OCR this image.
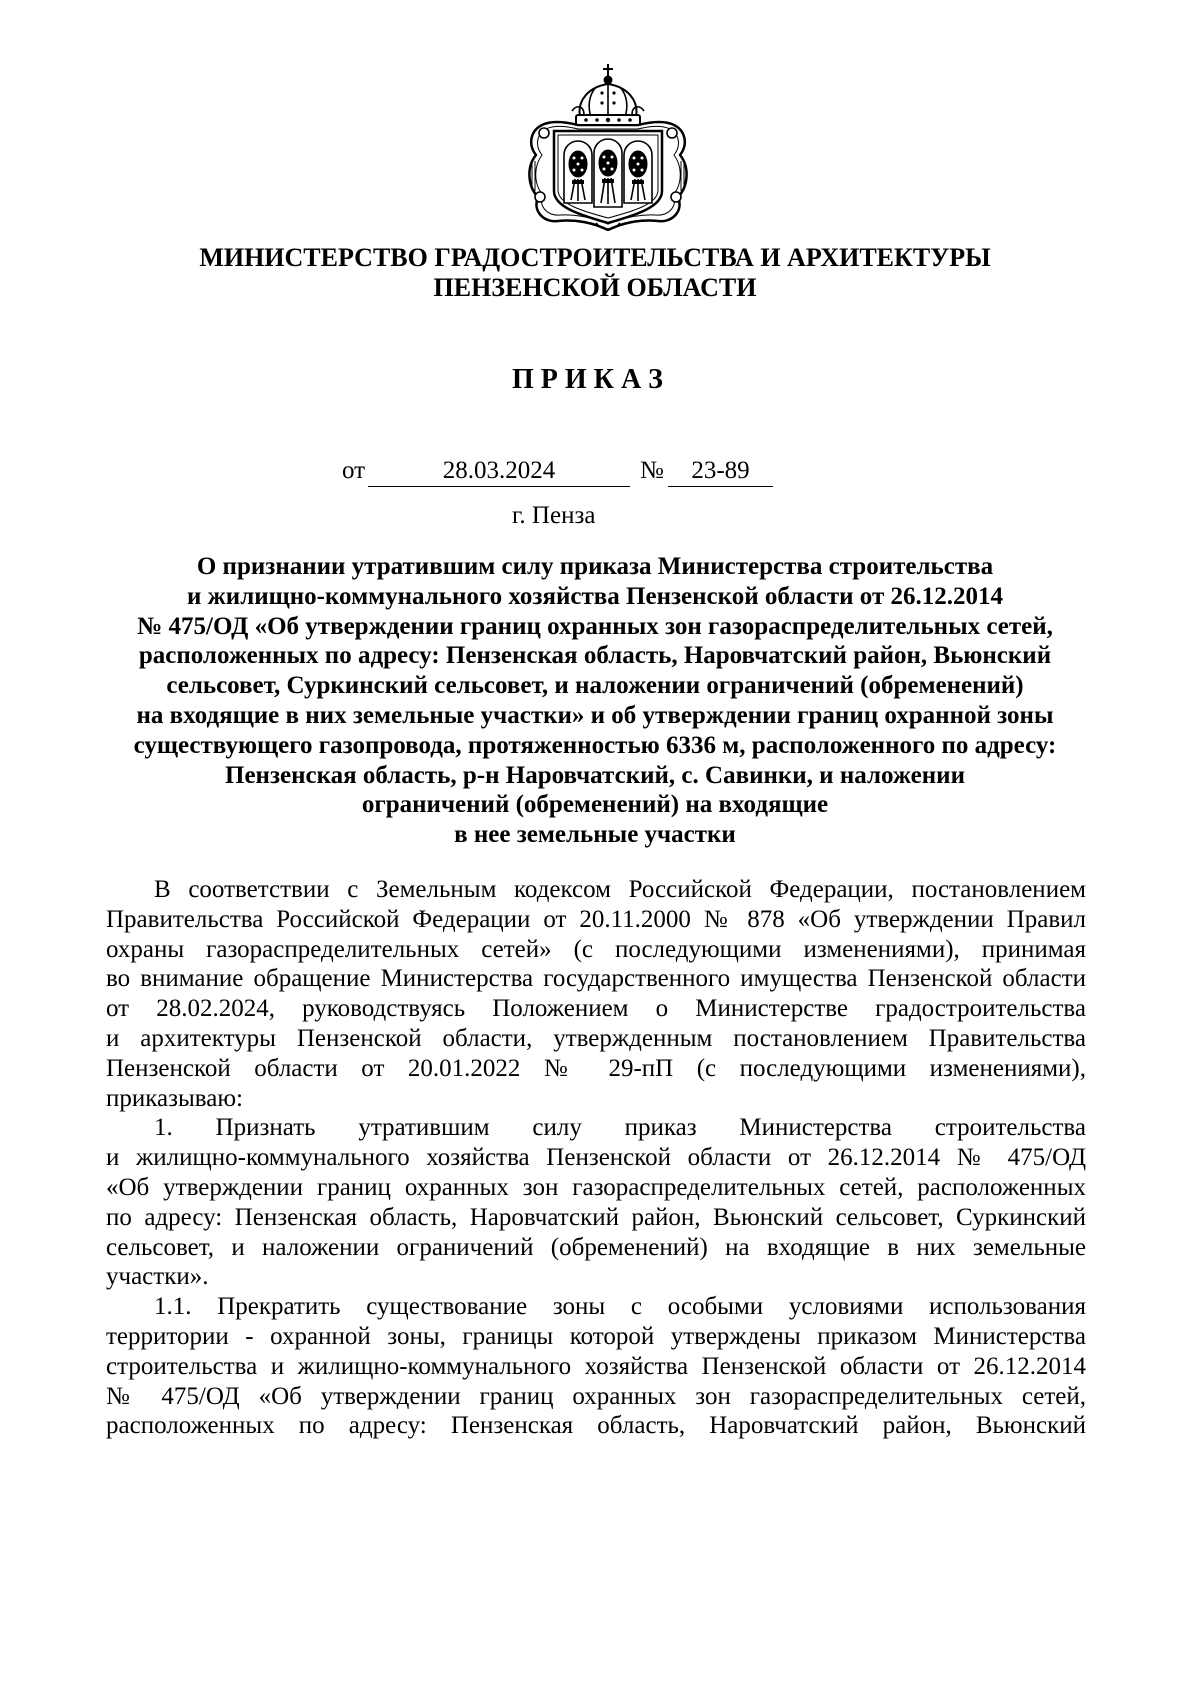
МИНИСТЕРСТВО ГРАДОСТРОИТЕЛЬСТВА И АРХИТЕКТУРЫ
ПЕНЗЕНСКОЙ ОБЛАСТИ
П Р И К А З
от	28.03.2024	№	23-89
г. Пенза
О признании утратившим силу приказа Министерства строительства
и жилищно-коммунального хозяйства Пензенской области от 26.12.2014
№ 475/ОД «Об утверждении границ охранных зон газораспределительных сетей,
расположенных по адресу: Пензенская область, Наровчатский район, Вьюнский
сельсовет, Суркинский сельсовет, и наложении ограничений (обременений)
на входящие в них земельные участки» и об утверждении границ охранной зоны
существующего газопровода, протяженностью 6336 м, расположенного по адресу:
Пензенская область, р-н Наровчатский, с. Савинки, и наложении
ограничений (обременений) на входящие
в нее земельные участки
В соответствии с Земельным кодексом Российской Федерации, постановлением
Правительства Российской Федерации от 20.11.2000 № 878 «Об утверждении Правил
охраны газораспределительных сетей» (с последующими изменениями), принимая
во внимание обращение Министерства государственного имущества Пензенской области
от 28.02.2024, руководствуясь Положением о Министерстве градостроительства
и архитектуры Пензенской области, утвержденным постановлением Правительства
Пензенской области от 20.01.2022 № 29-пП (с последующими изменениями),
приказываю:
1. Признать утратившим силу приказ Министерства строительства
и жилищно-коммунального хозяйства Пензенской области от 26.12.2014 № 475/ОД
«Об утверждении границ охранных зон газораспределительных сетей, расположенных
по адресу: Пензенская область, Наровчатский район, Вьюнский сельсовет, Суркинский
сельсовет, и наложении ограничений (обременений) на входящие в них земельные
участки».
1.1. Прекратить существование зоны с особыми условиями использования
территории - охранной зоны, границы которой утверждены приказом Министерства
строительства и жилищно-коммунального хозяйства Пензенской области от 26.12.2014
№ 475/ОД «Об утверждении границ охранных зон газораспределительных сетей,
расположенных по адресу: Пензенская область, Наровчатский район, Вьюнский
